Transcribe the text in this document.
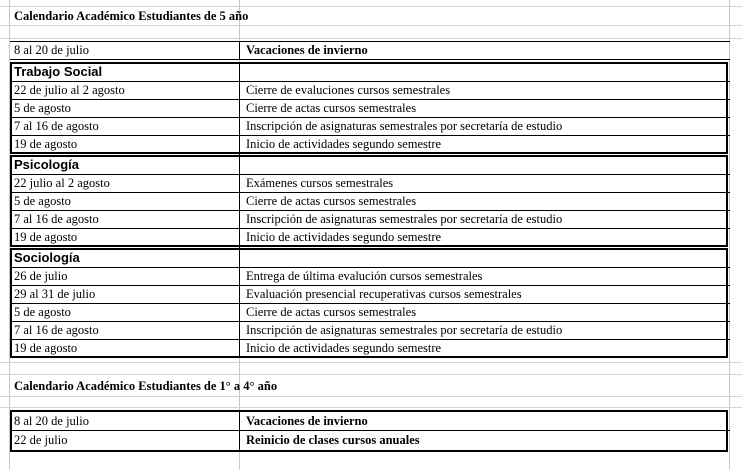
Calendario Académico Estudiantes de 5 año
8 al 20 de julio	Vacaciones de invierno
Trabajo Social
22 de julio al 2 agosto	Cierre de evaluciones cursos semestrales
5 de agosto	Cierre de actas cursos semestrales
7 al 16 de agosto	Inscripción de asignaturas semestrales por secretaría de estudio
19 de agosto	Inicio de actividades segundo semestre
Psicología
22 julio al 2 agosto	Exámenes cursos semestrales
5 de agosto	Cierre de actas cursos semestrales
7 al 16 de agosto	Inscripción de asignaturas semestrales por secretaría de estudio
19 de agosto	Inicio de actividades segundo semestre
Sociología
26 de julio	Entrega de última evalución cursos semestrales
29 al 31 de julio	Evaluación presencial recuperativas cursos semestrales
5 de agosto	Cierre de actas cursos semestrales
7 al 16 de agosto	Inscripción de asignaturas semestrales por secretaría de estudio
19 de agosto	Inicio de actividades segundo semestre
Calendario Académico Estudiantes de 1° a 4° año
8 al 20 de julio	Vacaciones de invierno
22 de julio	Reinicio de clases cursos anuales
